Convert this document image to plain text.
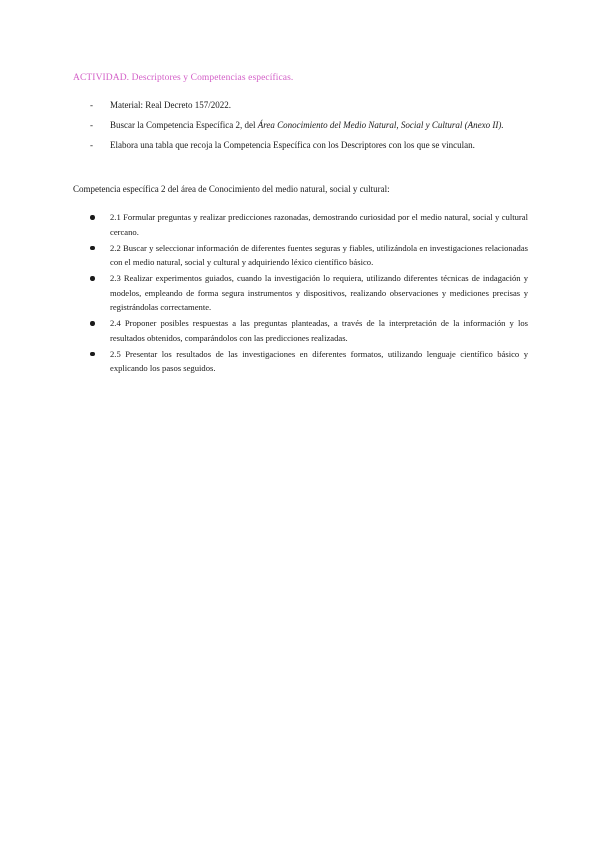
ACTIVIDAD. Descriptores y Competencias específicas.
- Material: Real Decreto 157/2022.
- Buscar la Competencia Específica 2, del Área Conocimiento del Medio Natural, Social y Cultural (Anexo II).
- Elabora una tabla que recoja la Competencia Específica con los Descriptores con los que se vinculan.
Competencia específica 2 del área de Conocimiento del medio natural, social y cultural:
2.1 Formular preguntas y realizar predicciones razonadas, demostrando curiosidad por el medio natural, social y cultural cercano.
2.2 Buscar y seleccionar información de diferentes fuentes seguras y fiables, utilizándola en investigaciones relacionadas con el medio natural, social y cultural y adquiriendo léxico científico básico.
2.3 Realizar experimentos guiados, cuando la investigación lo requiera, utilizando diferentes técnicas de indagación y modelos, empleando de forma segura instrumentos y dispositivos, realizando observaciones y mediciones precisas y registrándolas correctamente.
2.4 Proponer posibles respuestas a las preguntas planteadas, a través de la interpretación de la información y los resultados obtenidos, comparándolos con las predicciones realizadas.
2.5 Presentar los resultados de las investigaciones en diferentes formatos, utilizando lenguaje científico básico y explicando los pasos seguidos.
